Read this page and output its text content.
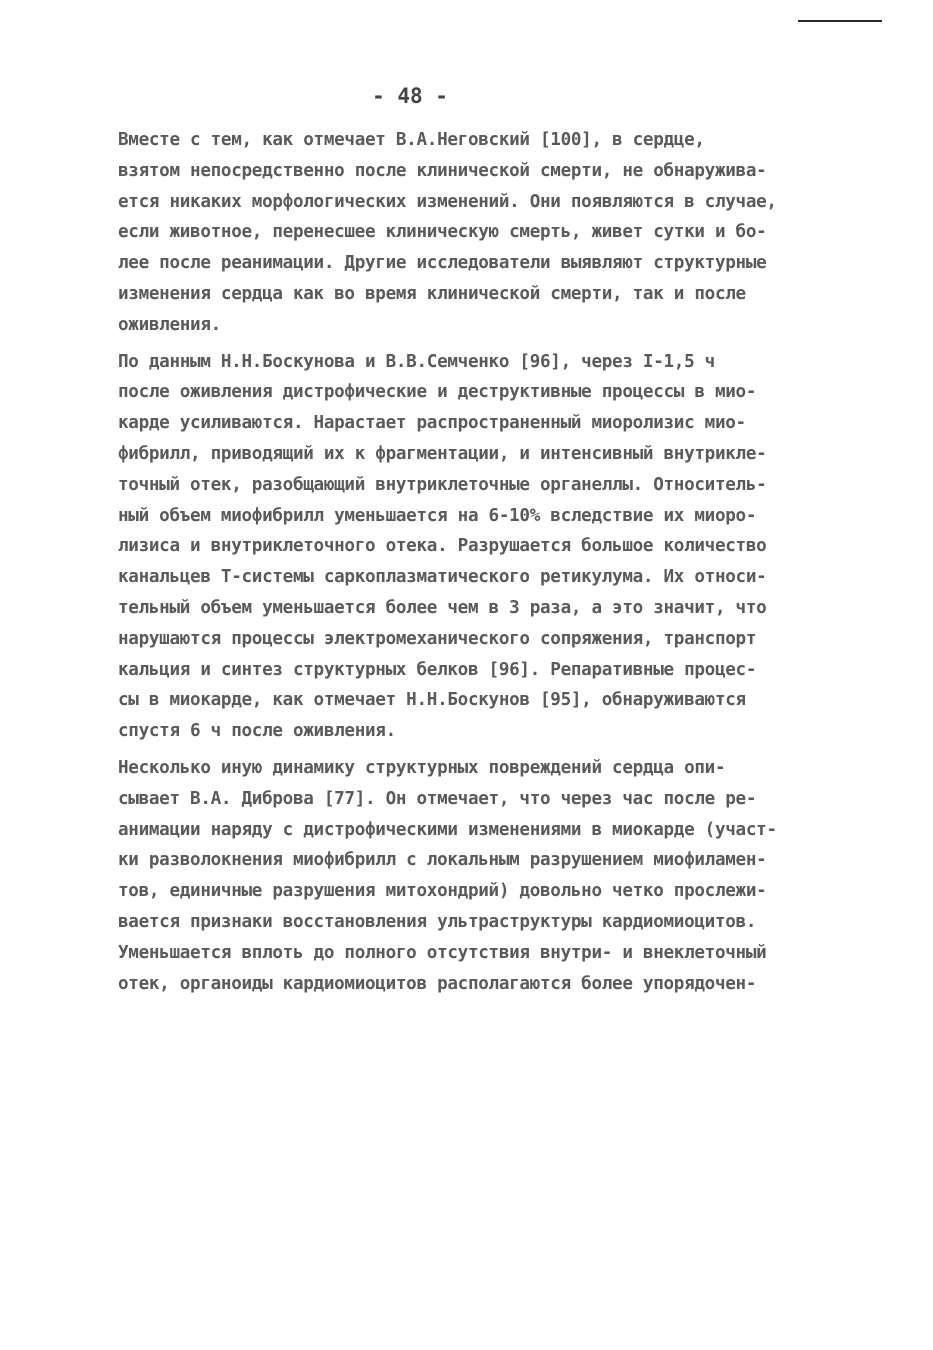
- 48 -
Вместе с тем, как отмечает В.А.Неговский [100], в сердце,
взятом непосредственно после клинической смерти, не обнаружива-
ется никаких морфологических изменений. Они появляются в случае,
если животное, перенесшее клиническую смерть, живет сутки и бо-
лее после реанимации. Другие исследователи выявляют структурные
изменения сердца как во время клинической смерти, так и после
оживления.
По данным Н.Н.Боскунова и В.В.Семченко [96], через I-1,5 ч
после оживления дистрофические и деструктивные процессы в мио-
карде усиливаются. Нарастает распространенный миоролизис мио-
фибрилл, приводящий их к фрагментации, и интенсивный внутрикле-
точный отек, разобщающий внутриклеточные органеллы. Относитель-
ный объем миофибрилл уменьшается на 6-10% вследствие их миоро-
лизиса и внутриклеточного отека. Разрушается большое количество
канальцев Т-системы саркоплазматического ретикулума. Их относи-
тельный объем уменьшается более чем в 3 раза, а это значит, что
нарушаются процессы электромеханического сопряжения, транспорт
кальция и синтез структурных белков [96]. Репаративные процес-
сы в миокарде, как отмечает Н.Н.Боскунов [95], обнаруживаются
спустя 6 ч после оживления.
Несколько иную динамику структурных повреждений сердца опи-
сывает В.А. Диброва [77]. Он отмечает, что через час после ре-
анимации наряду с дистрофическими изменениями в миокарде (участ-
ки разволокнения миофибрилл с локальным разрушением миофиламен-
тов, единичные разрушения митохондрий) довольно четко прослежи-
вается признаки восстановления ультраструктуры кардиомиоцитов.
Уменьшается вплоть до полного отсутствия внутри- и внеклеточный
отек, органоиды кардиомиоцитов располагаются более упорядочен-
